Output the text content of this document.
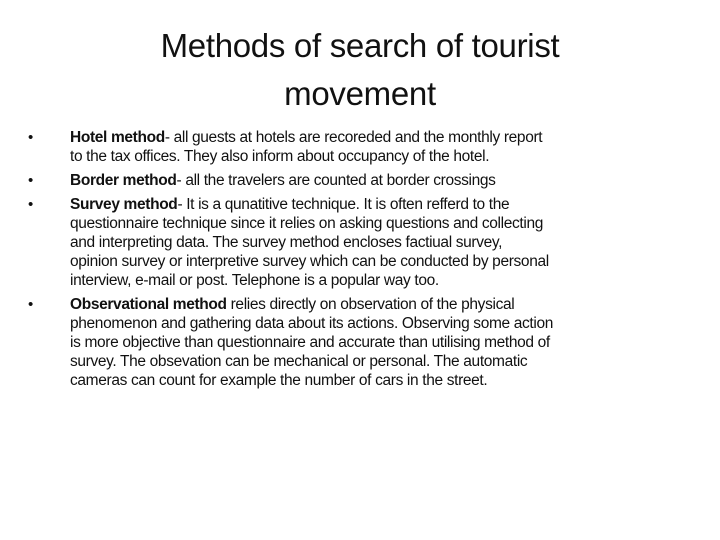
Methods of search of tourist
movement
• Hotel method- all guests at hotels are recoreded and the monthly report
to the tax offices. They also inform about occupancy of the hotel.
• Border method- all the travelers are counted at border crossings
• Survey method- It is a qunatitive technique. It is often refferd to the
questionnaire technique since it relies on asking questions and collecting
and interpreting data. The survey method encloses factiual survey,
opinion survey or interpretive survey which can be conducted by personal
interview, e-mail or post. Telephone is a popular way too.
• Observational method relies directly on observation of the physical
phenomenon and gathering data about its actions. Observing some action
is more objective than questionnaire and accurate than utilising method of
survey. The obsevation can be mechanical or personal. The automatic
cameras can count for example the number of cars in the street.
